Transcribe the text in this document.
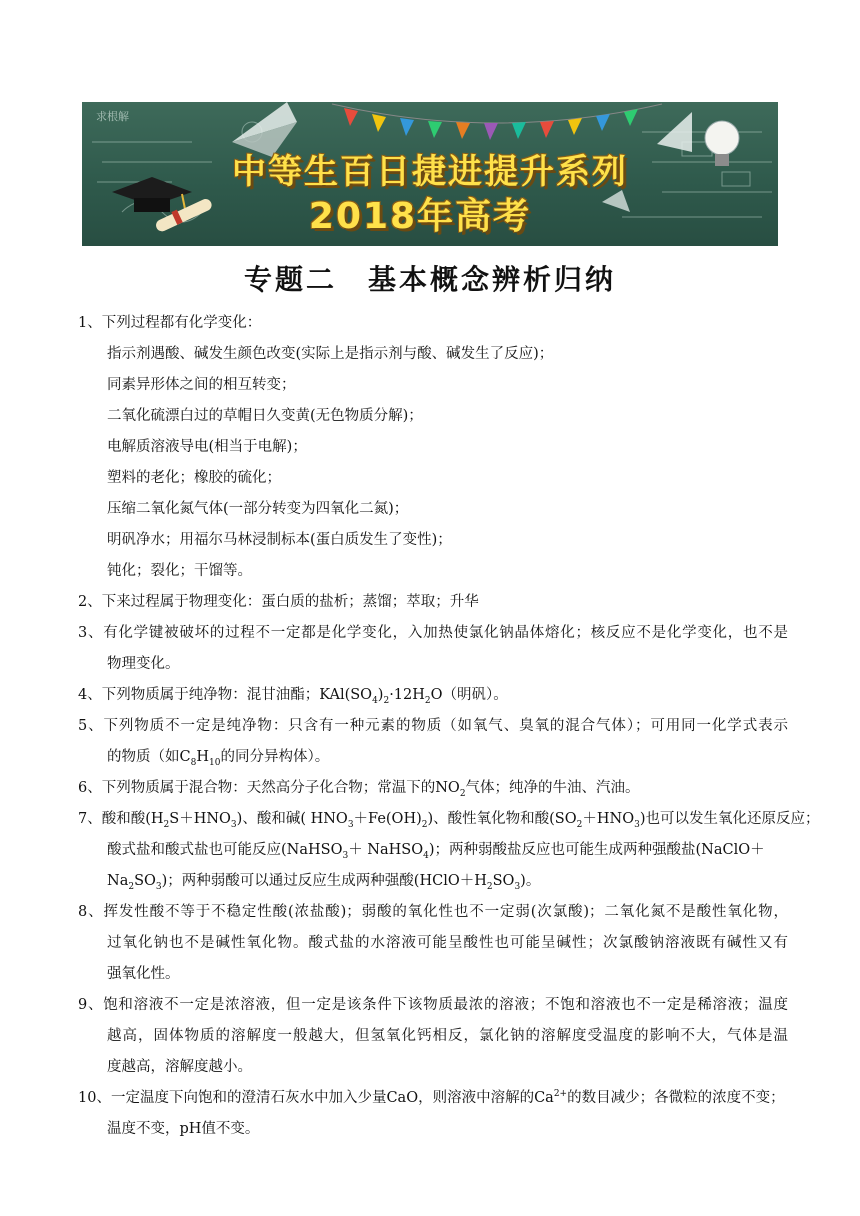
求根解
中等生百日捷进提升系列
2018年高考
专题二　基本概念辨析归纳
1、下列过程都有化学变化：
指示剂遇酸、碱发生颜色改变(实际上是指示剂与酸、碱发生了反应)；
同素异形体之间的相互转变；
二氧化硫漂白过的草帽日久变黄(无色物质分解)；
电解质溶液导电(相当于电解)；
塑料的老化；橡胶的硫化；
压缩二氧化氮气体(一部分转变为四氧化二氮)；
明矾净水；用福尔马林浸制标本(蛋白质发生了变性)；
钝化；裂化；干馏等。
2、下来过程属于物理变化：蛋白质的盐析；蒸馏；萃取；升华
3、有化学键被破坏的过程不一定都是化学变化，入加热使氯化钠晶体熔化；核反应不是化学变化，也不是
物理变化。
4、下列物质属于纯净物：混甘油酯；$KAl(SO_4)_2\cdot 12H_2O$（明矾）。
5、下列物质不一定是纯净物：只含有一种元素的物质（如氧气、臭氧的混合气体）；可用同一化学式表示
的物质（如$C_8H_{10}$的同分异构体）。
6、下列物质属于混合物：天然高分子化合物；常温下的$NO_2$气体；纯净的牛油、汽油。
7、酸和酸$(H_2S+HNO_3)$、酸和碱( $HNO_3+Fe(OH)_2$)、酸性氧化物和酸$(SO_2+HNO_3)$也可以发生氧化还原反应；
酸式盐和酸式盐也可能反应(NaHSO$_3$＋ NaHSO$_4$)；两种弱酸盐反应也可能生成两种强酸盐(NaClO＋
$Na_2SO_3$)；两种弱酸可以通过反应生成两种强酸$(HClO+H_2SO_3)$。
8、挥发性酸不等于不稳定性酸(浓盐酸)；弱酸的氧化性也不一定弱(次氯酸)；二氧化氮不是酸性氧化物，
过氧化钠也不是碱性氧化物。酸式盐的水溶液可能呈酸性也可能呈碱性；次氯酸钠溶液既有碱性又有
强氧化性。
9、饱和溶液不一定是浓溶液，但一定是该条件下该物质最浓的溶液；不饱和溶液也不一定是稀溶液；温度
越高，固体物质的溶解度一般越大，但氢氧化钙相反，氯化钠的溶解度受温度的影响不大，气体是温
度越高，溶解度越小。
10、一定温度下向饱和的澄清石灰水中加入少量CaO，则溶液中溶解的$Ca^{2+}$的数目减少；各微粒的浓度不变；
温度不变，pH值不变。
